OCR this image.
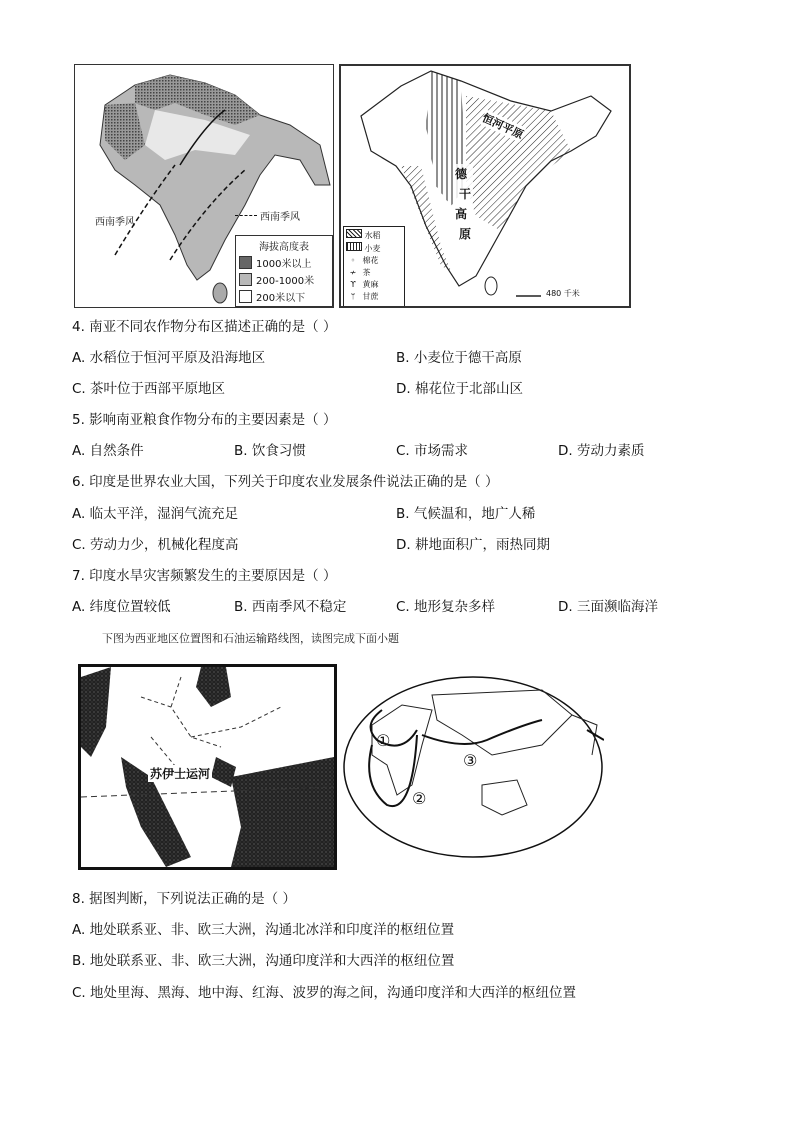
西南季风	西南季风
海拔高度表
1000米以上
200-1000米
200米以下
恒河平原
德
干
高
原
水稻
小麦
◦ 棉花
≁ 茶
ϒ 黄麻
ᛘ 甘蔗	480 千米
4. 南亚不同农作物分布区描述正确的是（ ）
A. 水稻位于恒河平原及沿海地区	B. 小麦位于德干高原
C. 茶叶位于西部平原地区	D. 棉花位于北部山区
5. 影响南亚粮食作物分布的主要因素是（ ）
A. 自然条件	B. 饮食习惯	C. 市场需求	D. 劳动力素质
6. 印度是世界农业大国，下列关于印度农业发展条件说法正确的是（ ）
A. 临太平洋，湿润气流充足	B. 气候温和，地广人稀
C. 劳动力少，机械化程度高	D. 耕地面积广，雨热同期
7. 印度水旱灾害频繁发生的主要原因是（ ）
A. 纬度位置较低	B. 西南季风不稳定	C. 地形复杂多样	D. 三面濒临海洋
下图为西亚地区位置图和石油运输路线图，读图完成下面小题
苏伊士运河
①
②
③
8. 据图判断，下列说法正确的是（ ）
A. 地处联系亚、非、欧三大洲，沟通北冰洋和印度洋的枢纽位置
B. 地处联系亚、非、欧三大洲，沟通印度洋和大西洋的枢纽位置
C. 地处里海、黑海、地中海、红海、波罗的海之间，沟通印度洋和大西洋的枢纽位置
